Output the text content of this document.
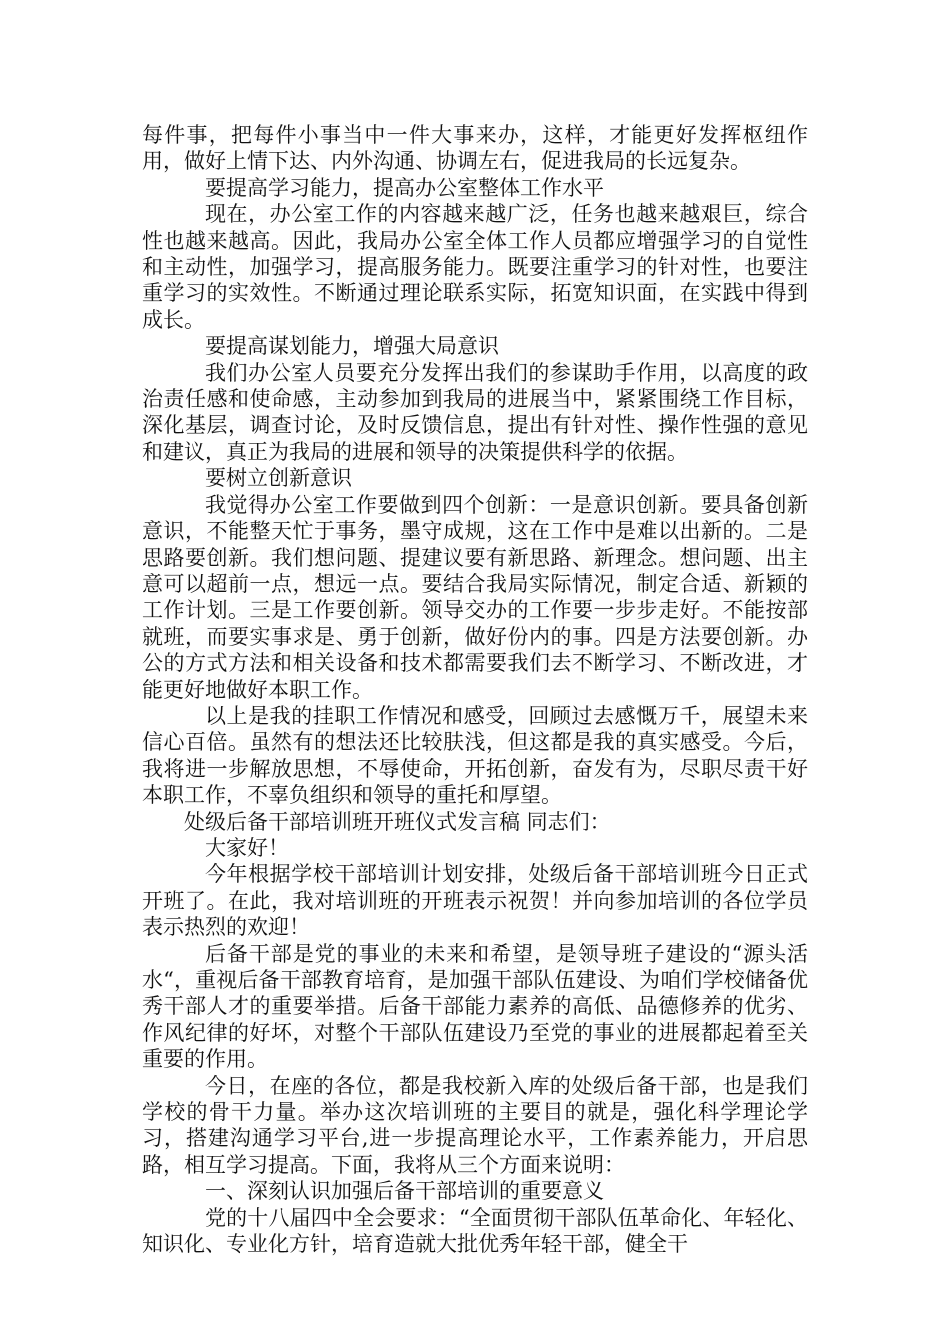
每件事，把每件小事当中一件大事来办，这样，才能更好发挥枢纽作用，做好上情下达、内外沟通、协调左右，促进我局的长远复杂。

要提高学习能力，提高办公室整体工作水平

现在，办公室工作的内容越来越广泛，任务也越来越艰巨，综合性也越来越高。因此，我局办公室全体工作人员都应增强学习的自觉性和主动性，加强学习，提高服务能力。既要注重学习的针对性，也要注重学习的实效性。不断通过理论联系实际，拓宽知识面，在实践中得到成长。

要提高谋划能力，增强大局意识

我们办公室人员要充分发挥出我们的参谋助手作用，以高度的政治责任感和使命感，主动参加到我局的进展当中，紧紧围绕工作目标，深化基层，调查讨论，及时反馈信息，提出有针对性、操作性强的意见和建议，真正为我局的进展和领导的决策提供科学的依据。

要树立创新意识

我觉得办公室工作要做到四个创新：一是意识创新。要具备创新意识，不能整天忙于事务，墨守成规，这在工作中是难以出新的。二是思路要创新。我们想问题、提建议要有新思路、新理念。想问题、出主意可以超前一点，想远一点。要结合我局实际情况，制定合适、新颖的工作计划。三是工作要创新。领导交办的工作要一步步走好。不能按部就班，而要实事求是、勇于创新，做好份内的事。四是方法要创新。办公的方式方法和相关设备和技术都需要我们去不断学习、不断改进，才能更好地做好本职工作。

以上是我的挂职工作情况和感受，回顾过去感慨万千，展望未来信心百倍。虽然有的想法还比较肤浅，但这都是我的真实感受。今后，我将进一步解放思想，不辱使命，开拓创新，奋发有为，尽职尽责干好本职工作，不辜负组织和领导的重托和厚望。

处级后备干部培训班开班仪式发言稿 同志们：

大家好！

今年根据学校干部培训计划安排，处级后备干部培训班今日正式开班了。在此，我对培训班的开班表示祝贺！并向参加培训的各位学员表示热烈的欢迎！

后备干部是党的事业的未来和希望，是领导班子建设的“源头活水“，重视后备干部教育培育，是加强干部队伍建设、为咱们学校储备优秀干部人才的重要举措。后备干部能力素养的高低、品德修养的优劣、作风纪律的好坏，对整个干部队伍建设乃至党的事业的进展都起着至关重要的作用。

今日，在座的各位，都是我校新入库的处级后备干部，也是我们学校的骨干力量。举办这次培训班的主要目的就是，强化科学理论学习，搭建沟通学习平台,进一步提高理论水平，工作素养能力，开启思路，相互学习提高。下面，我将从三个方面来说明：

一、深刻认识加强后备干部培训的重要意义

党的十八届四中全会要求：“全面贯彻干部队伍革命化、年轻化、知识化、专业化方针，培育造就大批优秀年轻干部，健全干
